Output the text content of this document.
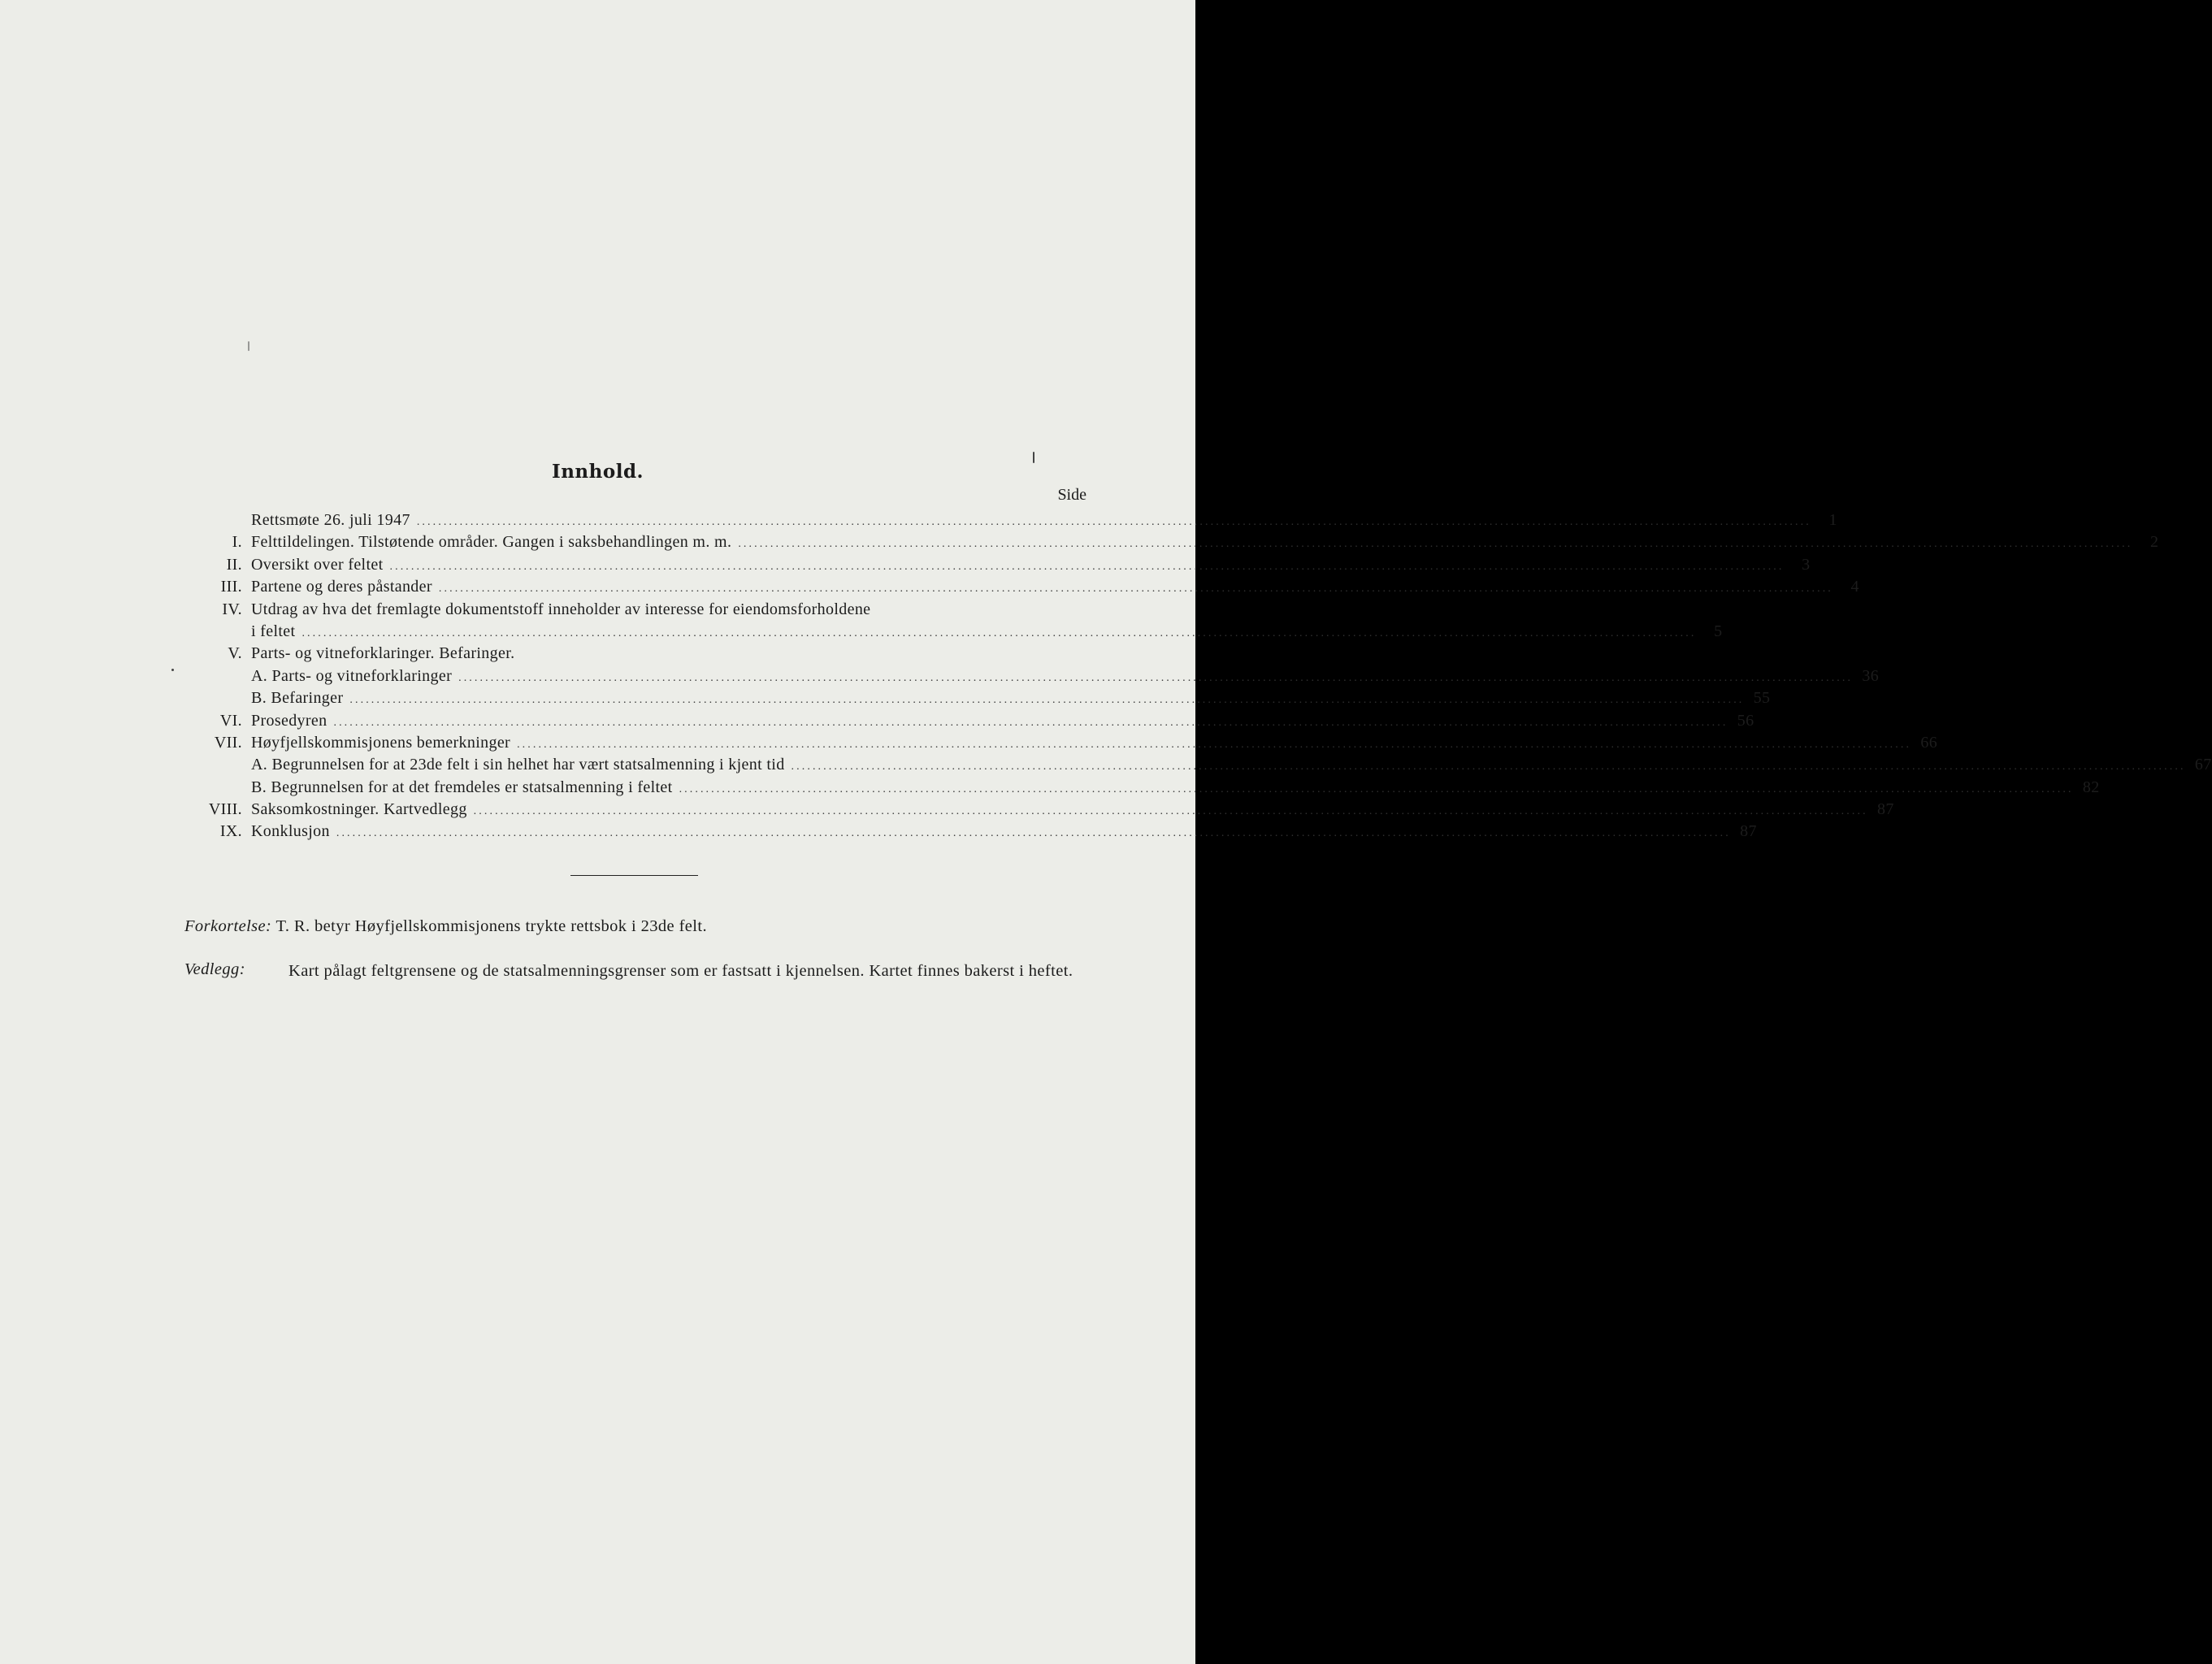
Innhold.
Side
Rettsmøte 26. juli 1947 ....................................................................................................................................................................................................................................................................	1
I. Felttildelingen. Tilstøtende områder. Gangen i saksbehandlingen m. m. ....................................................................................................................................................................................................................................................................	2
II. Oversikt over feltet ....................................................................................................................................................................................................................................................................	3
III. Partene og deres påstander ....................................................................................................................................................................................................................................................................	4
IV. Utdrag av hva det fremlagte dokumentstoff inneholder av interesse for eiendomsforholdene
i feltet ....................................................................................................................................................................................................................................................................	5
V. Parts- og vitneforklaringer. Befaringer.
A. Parts- og vitneforklaringer .................................................................................................................................................................................................................................................................... 36
B. Befaringer .................................................................................................................................................................................................................................................................... 55
VI. Prosedyren .................................................................................................................................................................................................................................................................... 56
VII. Høyfjellskommisjonens bemerkninger .................................................................................................................................................................................................................................................................... 66
A. Begrunnelsen for at 23de felt i sin helhet har vært statsalmenning i kjent tid .................................................................................................................................................................................................................................................................... 67
B. Begrunnelsen for at det fremdeles er statsalmenning i feltet .................................................................................................................................................................................................................................................................... 82
VIII. Saksomkostninger. Kartvedlegg .................................................................................................................................................................................................................................................................... 87
IX. Konklusjon .................................................................................................................................................................................................................................................................... 87
Forkortelse: T. R. betyr Høyfjellskommisjonens trykte rettsbok i 23de felt.
Vedlegg:	Kart pålagt feltgrensene og de statsalmenningsgrenser som er fastsatt i kjennelsen. Kartet finnes bakerst i heftet.
